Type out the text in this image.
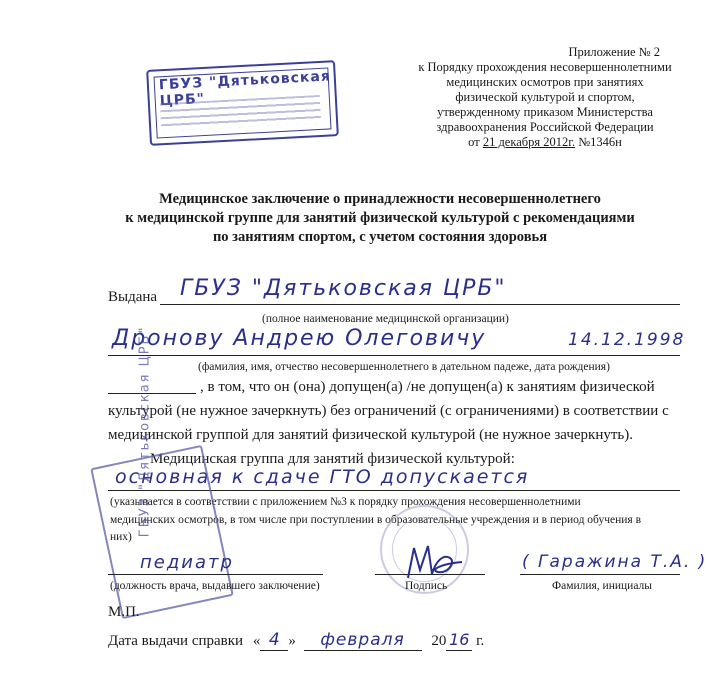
ГБУЗ "Дятьковская ЦРБ"
Приложение № 2
к Порядку прохождения несовершеннолетними
медицинских осмотров при занятиях
физической культурой и спортом,
утвержденному приказом Министерства
здравоохранения Российской Федерации
от 21 декабря 2012г. №1346н
Медицинское заключение о принадлежности несовершеннолетнего
к медицинской группе для занятий физической культурой с рекомендациями
по занятиям спортом, с учетом состояния здоровья
Выдана ГБУЗ "Дятьковская ЦРБ"
(полное наименование медицинской организации)
Дронову Андрею Олеговичу	14.12.1998
(фамилия, имя, отчество несовершеннолетнего в дательном падеже, дата рождения)
, в том, что он (она) допущен(а) /не допущен(а) к занятиям физической
культурой (не нужное зачеркнуть) без ограничений (с ограничениями) в соответствии с
медицинской группой для занятий физической культурой (не нужное зачеркнуть).
Медицинская группа для занятий физической культурой:
основная к сдаче ГТО допускается
(указывается в соответствии с приложением №3 к порядку прохождения несовершеннолетними
медицинских осмотров, в том числе при поступлении в образовательные учреждения и в период обучения в
них) ГБУЗ "Дятьковская ЦРБ"
педиатр
(должность врача, выдавшего заключение)	Подпись
( Гаражина Т.А. )
Фамилия, инициалы
М.П.
Дата выдачи справки « 4 » февраля 20 16 г.
